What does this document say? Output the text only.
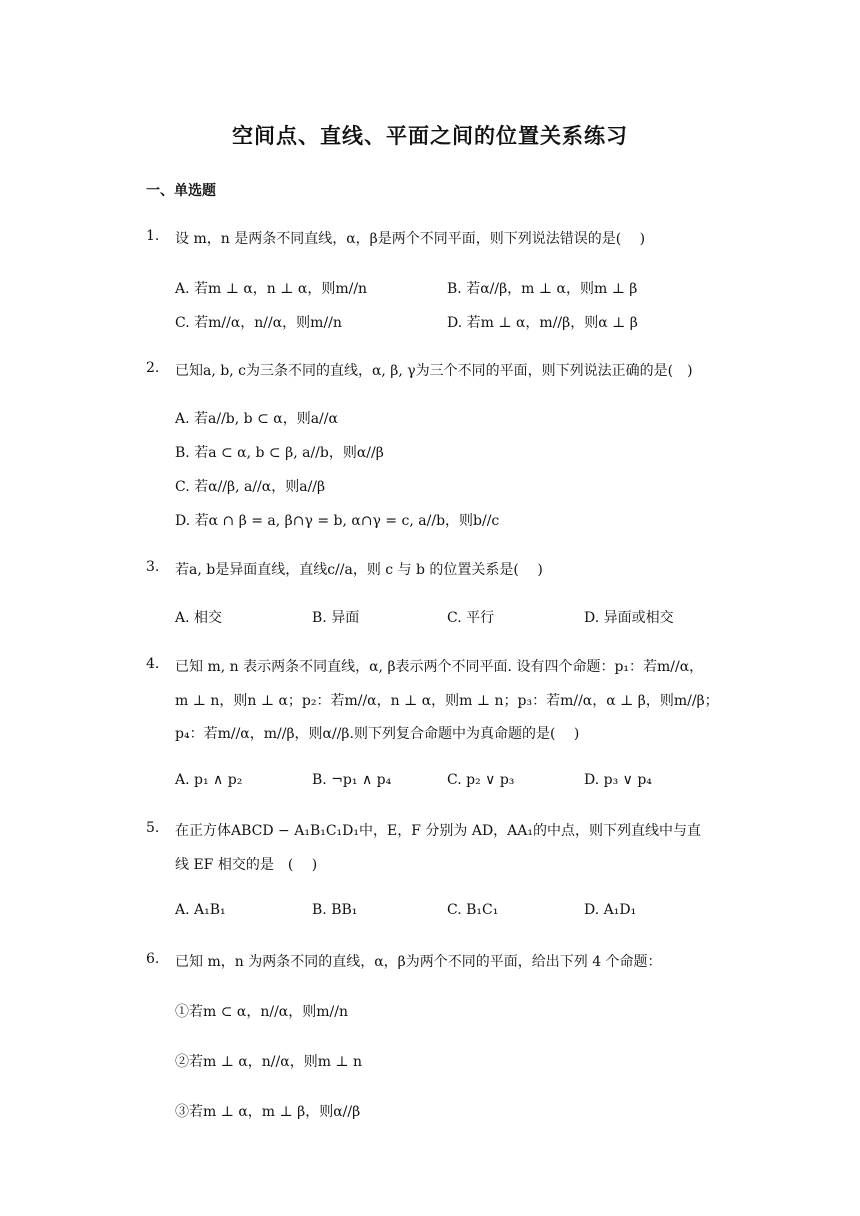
空间点、直线、平面之间的位置关系练习
一、单选题
1. 设 m，n 是两条不同直线，α，β是两个不同平面，则下列说法错误的是(　 )
A. 若m ⊥ α，n ⊥ α，则m//n	B. 若α//β，m ⊥ α，则m ⊥ β
C. 若m//α，n//α，则m//n	D. 若m ⊥ α，m//β，则α ⊥ β
2. 已知a, b, c为三条不同的直线，α, β, γ为三个不同的平面，则下列说法正确的是(　)
A. 若a//b, b ⊂ α，则a//α
B. 若a ⊂ α, b ⊂ β, a//b，则α//β
C. 若α//β, a//α，则a//β
D. 若α ∩ β = a, β∩γ = b, α∩γ = c, a//b，则b//c
3. 若a, b是异面直线，直线c//a，则 c 与 b 的位置关系是(　 )
A. 相交	B. 异面	C. 平行	D. 异面或相交
4. 已知 m, n 表示两条不同直线，α, β表示两个不同平面. 设有四个命题：p₁：若m//α，
m ⊥ n，则n ⊥ α；p₂：若m//α，n ⊥ α，则m ⊥ n；p₃：若m//α，α ⊥ β，则m//β；
p₄：若m//α，m//β，则α//β.则下列复合命题中为真命题的是(　 )
A. p₁ ∧ p₂	B. ¬p₁ ∧ p₄	C. p₂ ∨ p₃	D. p₃ ∨ p₄
5. 在正方体ABCD − A₁B₁C₁D₁中，E，F 分别为 AD，AA₁的中点，则下列直线中与直
线 EF 相交的是　(　 )
A. A₁B₁	B. BB₁	C. B₁C₁	D. A₁D₁
6. 已知 m，n 为两条不同的直线，α，β为两个不同的平面，给出下列 4 个命题：
①若m ⊂ α，n//α，则m//n
②若m ⊥ α，n//α，则m ⊥ n
③若m ⊥ α，m ⊥ β，则α//β
